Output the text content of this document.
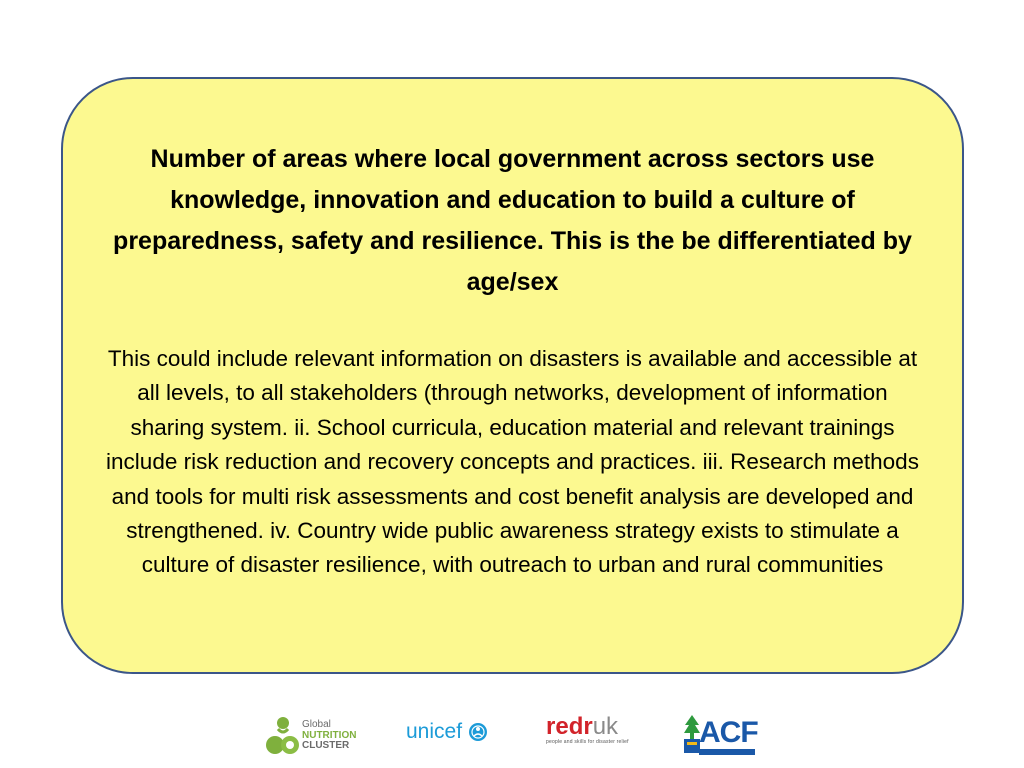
Number of areas where local government across sectors use knowledge, innovation and education to build a culture of preparedness, safety and resilience. This is the be differentiated by age/sex

This could include relevant information on disasters is available and accessible at all levels, to all stakeholders (through networks, development of information sharing system. ii. School curricula, education material and relevant trainings include risk reduction and recovery concepts and practices. iii. Research methods and tools for multi risk assessments and cost benefit analysis are developed and strengthened. iv. Country wide public awareness strategy exists to stimulate a culture of disaster resilience, with outreach to urban and rural communities

Global
NUTRITION
CLUSTER
unicef	redruk
people and skills for disaster relief ACF
